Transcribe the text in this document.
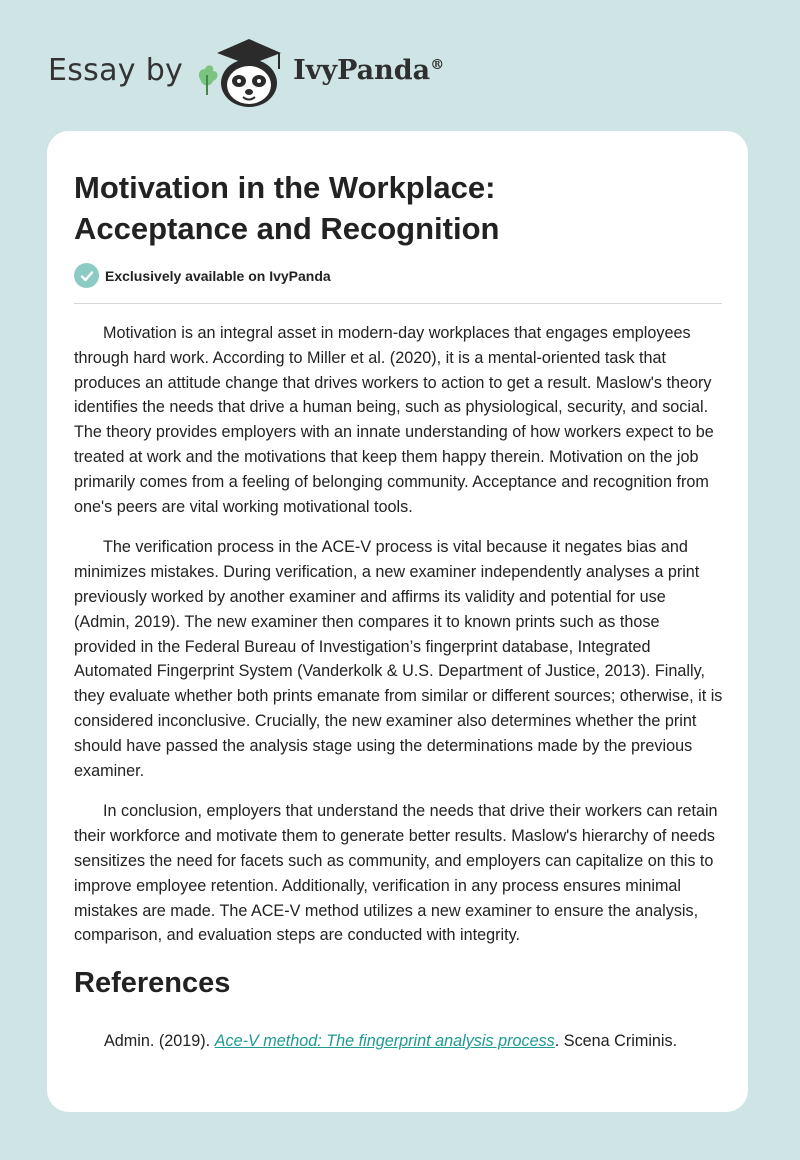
Essay by	IvyPanda®
Motivation in the Workplace:
Acceptance and Recognition
Exclusively available on IvyPanda

Motivation is an integral asset in modern-day workplaces that engages employees through hard work. According to Miller et al. (2020), it is a mental-oriented task that produces an attitude change that drives workers to action to get a result. Maslow's theory identifies the needs that drive a human being, such as physiological, security, and social. The theory provides employers with an innate understanding of how workers expect to be treated at work and the motivations that keep them happy therein. Motivation on the job primarily comes from a feeling of belonging community. Acceptance and recognition from one's peers are vital working motivational tools.

The verification process in the ACE-V process is vital because it negates bias and minimizes mistakes. During verification, a new examiner independently analyses a print previously worked by another examiner and affirms its validity and potential for use (Admin, 2019). The new examiner then compares it to known prints such as those provided in the Federal Bureau of Investigation’s fingerprint database, Integrated Automated Fingerprint System (Vanderkolk & U.S. Department of Justice, 2013). Finally, they evaluate whether both prints emanate from similar or different sources; otherwise, it is considered inconclusive. Crucially, the new examiner also determines whether the print should have passed the analysis stage using the determinations made by the previous examiner.

In conclusion, employers that understand the needs that drive their workers can retain their workforce and motivate them to generate better results. Maslow's hierarchy of needs sensitizes the need for facets such as community, and employers can capitalize on this to improve employee retention. Additionally, verification in any process ensures minimal mistakes are made. The ACE-V method utilizes a new examiner to ensure the analysis, comparison, and evaluation steps are conducted with integrity.

References
Admin. (2019). Ace-V method: The fingerprint analysis process. Scena Criminis.
